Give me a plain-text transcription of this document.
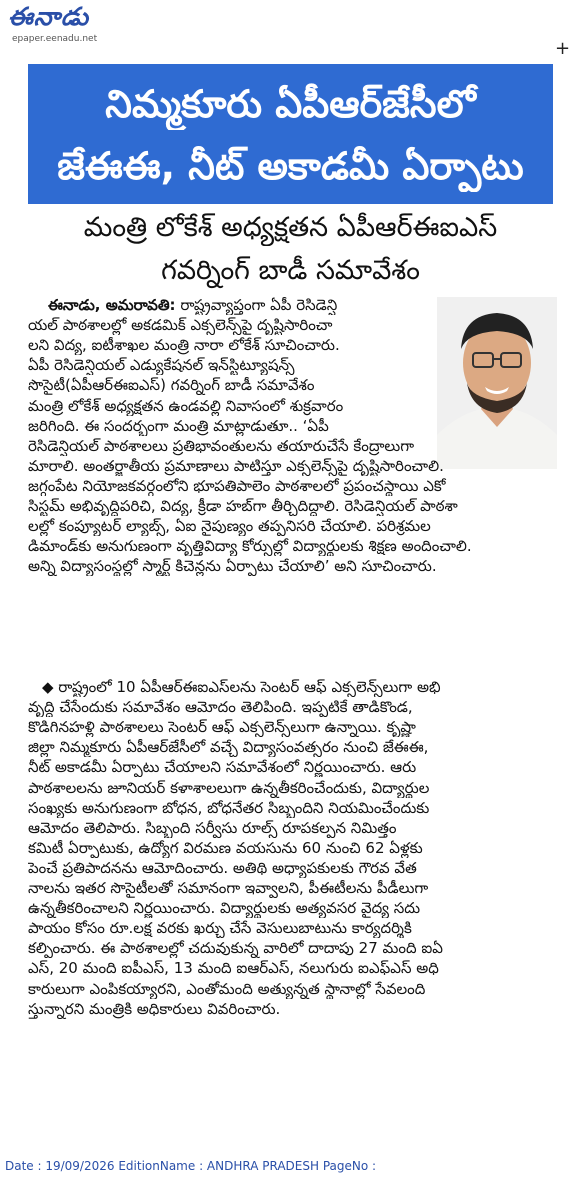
ఈనాడు
epaper.eenadu.net	+
నిమ్మకూరు ఏపీఆర్‌జేసీలో
జేఈఈ, నీట్‌ అకాడమీ ఏర్పాటు
మంత్రి లోకేశ్‌ అధ్యక్షతన ఏపీఆర్‌ఈఐఎస్‌
గవర్నింగ్‌ బాడీ సమావేశం
ఈనాడు, అమరావతి: రాష్ట్రవ్యాప్తంగా ఏపీ రెసిడెన్షి
యల్‌ పాఠశాలల్లో అకడమిక్‌ ఎక్సలెన్స్‌పై దృష్టిసారించా
లని విద్య, ఐటీశాఖల మంత్రి నారా లోకేశ్‌ సూచించారు.
ఏపీ రెసిడెన్షియల్‌ ఎడ్యుకేషనల్‌ ఇన్‌స్టిట్యూషన్స్‌
సొసైటీ(ఏపీఆర్‌ఈఐఎస్‌) గవర్నింగ్‌ బాడీ సమావేశం
మంత్రి లోకేశ్‌ అధ్యక్షతన ఉండవల్లి నివాసంలో శుక్రవారం
జరిగింది. ఈ సందర్భంగా మంత్రి మాట్లాడుతూ.. ‘ఏపీ
రెసిడెన్షియల్‌ పాఠశాలలు ప్రతిభావంతులను తయారుచేసే కేంద్రాలుగా
మారాలి. అంతర్జాతీయ ప్రమాణాలు పాటిస్తూ ఎక్సలెన్స్‌పై దృష్టిసారించాలి.
జగ్గంపేట నియోజకవర్గంలోని భూపతిపాలెం పాఠశాలలో ప్రపంచస్థాయి ఎకో
సిస్టమ్‌ అభివృద్ధిపరిచి, విద్య, క్రీడా హబ్‌గా తీర్చిదిద్దాలి. రెసిడెన్షియల్‌ పాఠశా
లల్లో కంప్యూటర్‌ ల్యాబ్స్‌, ఏఐ నైపుణ్యం తప్పనిసరి చేయాలి. పరిశ్రమల
డిమాండ్‌కు అనుగుణంగా వృత్తివిద్యా కోర్సుల్లో విద్యార్థులకు శిక్షణ అందించాలి.
అన్ని విద్యాసంస్థల్లో స్మార్ట్‌ కిచెన్లను ఏర్పాటు చేయాలి’ అని సూచించారు.
◆ రాష్ట్రంలో 10 ఏపీఆర్‌ఈఐఎస్‌లను సెంటర్‌ ఆఫ్‌ ఎక్సలెన్స్‌లుగా అభి
వృద్ధి చేసేందుకు సమావేశం ఆమోదం తెలిపింది. ఇప్పటికే తాడికొండ,
కొడిగినహళ్లి పాఠశాలలు సెంటర్‌ ఆఫ్‌ ఎక్సలెన్స్‌లుగా ఉన్నాయి. కృష్ణా
జిల్లా నిమ్మకూరు ఏపీఆర్‌జేసీలో వచ్చే విద్యాసంవత్సరం నుంచి జేఈఈ,
నీట్‌ అకాడమీ ఏర్పాటు చేయాలని సమావేశంలో నిర్ణయించారు. ఆరు
పాఠశాలలను జూనియర్‌ కళాశాలలుగా ఉన్నతీకరించేందుకు, విద్యార్థుల
సంఖ్యకు అనుగుణంగా బోధన, బోధనేతర సిబ్బందిని నియమించేందుకు
ఆమోదం తెలిపారు. సిబ్బంది సర్వీసు రూల్స్‌ రూపకల్పన నిమిత్తం
కమిటీ ఏర్పాటుకు, ఉద్యోగ విరమణ వయసును 60 నుంచి 62 ఏళ్లకు
పెంచే ప్రతిపాదనను ఆమోదించారు. అతిథి అధ్యాపకులకు గౌరవ వేత
నాలను ఇతర సొసైటీలతో సమానంగా ఇవ్వాలని, పీఈటీలను పీడీలుగా
ఉన్నతీకరించాలని నిర్ణయించారు. విద్యార్థులకు అత్యవసర వైద్య సదు
పాయం కోసం రూ.లక్ష వరకు ఖర్చు చేసే వెసులుబాటును కార్యదర్శికి
కల్పించారు. ఈ పాఠశాలల్లో చదువుకున్న వారిలో దాదాపు 27 మంది ఐఏ
ఎస్‌, 20 మంది ఐపీఎస్‌, 13 మంది ఐఆర్‌ఎస్‌, నలుగురు ఐఎఫ్‌ఎస్‌ అధి
కారులుగా ఎంపికయ్యారని, ఎంతోమంది అత్యున్నత స్థానాల్లో సేవలంది
స్తున్నారని మంత్రికి అధికారులు వివరించారు.
Date : 19/09/2026 EditionName : ANDHRA PRADESH PageNo :
